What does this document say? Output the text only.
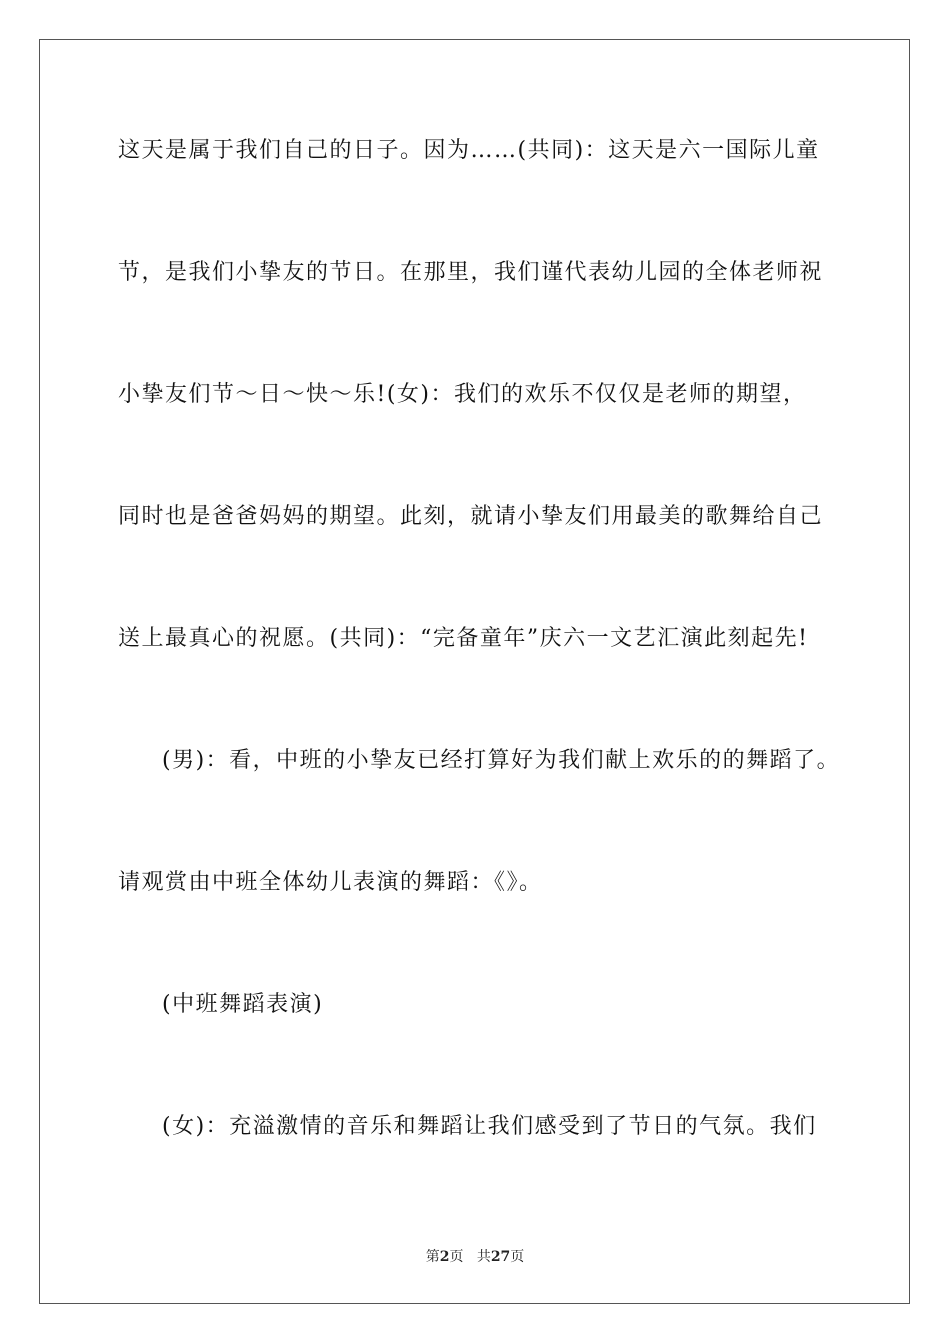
这天是属于我们自己的日子。因为……(共同)：这天是六一国际儿童
节，是我们小挚友的节日。在那里，我们谨代表幼儿园的全体老师祝
小挚友们节～日～快～乐!(女)：我们的欢乐不仅仅是老师的期望，
同时也是爸爸妈妈的期望。此刻，就请小挚友们用最美的歌舞给自己
送上最真心的祝愿。(共同)：“完备童年”庆六一文艺汇演此刻起先!
(男)：看，中班的小挚友已经打算好为我们献上欢乐的的舞蹈了。
请观赏由中班全体幼儿表演的舞蹈：《》。
(中班舞蹈表演)
(女)：充溢激情的音乐和舞蹈让我们感受到了节日的气氛。我们
第2页 共27页
